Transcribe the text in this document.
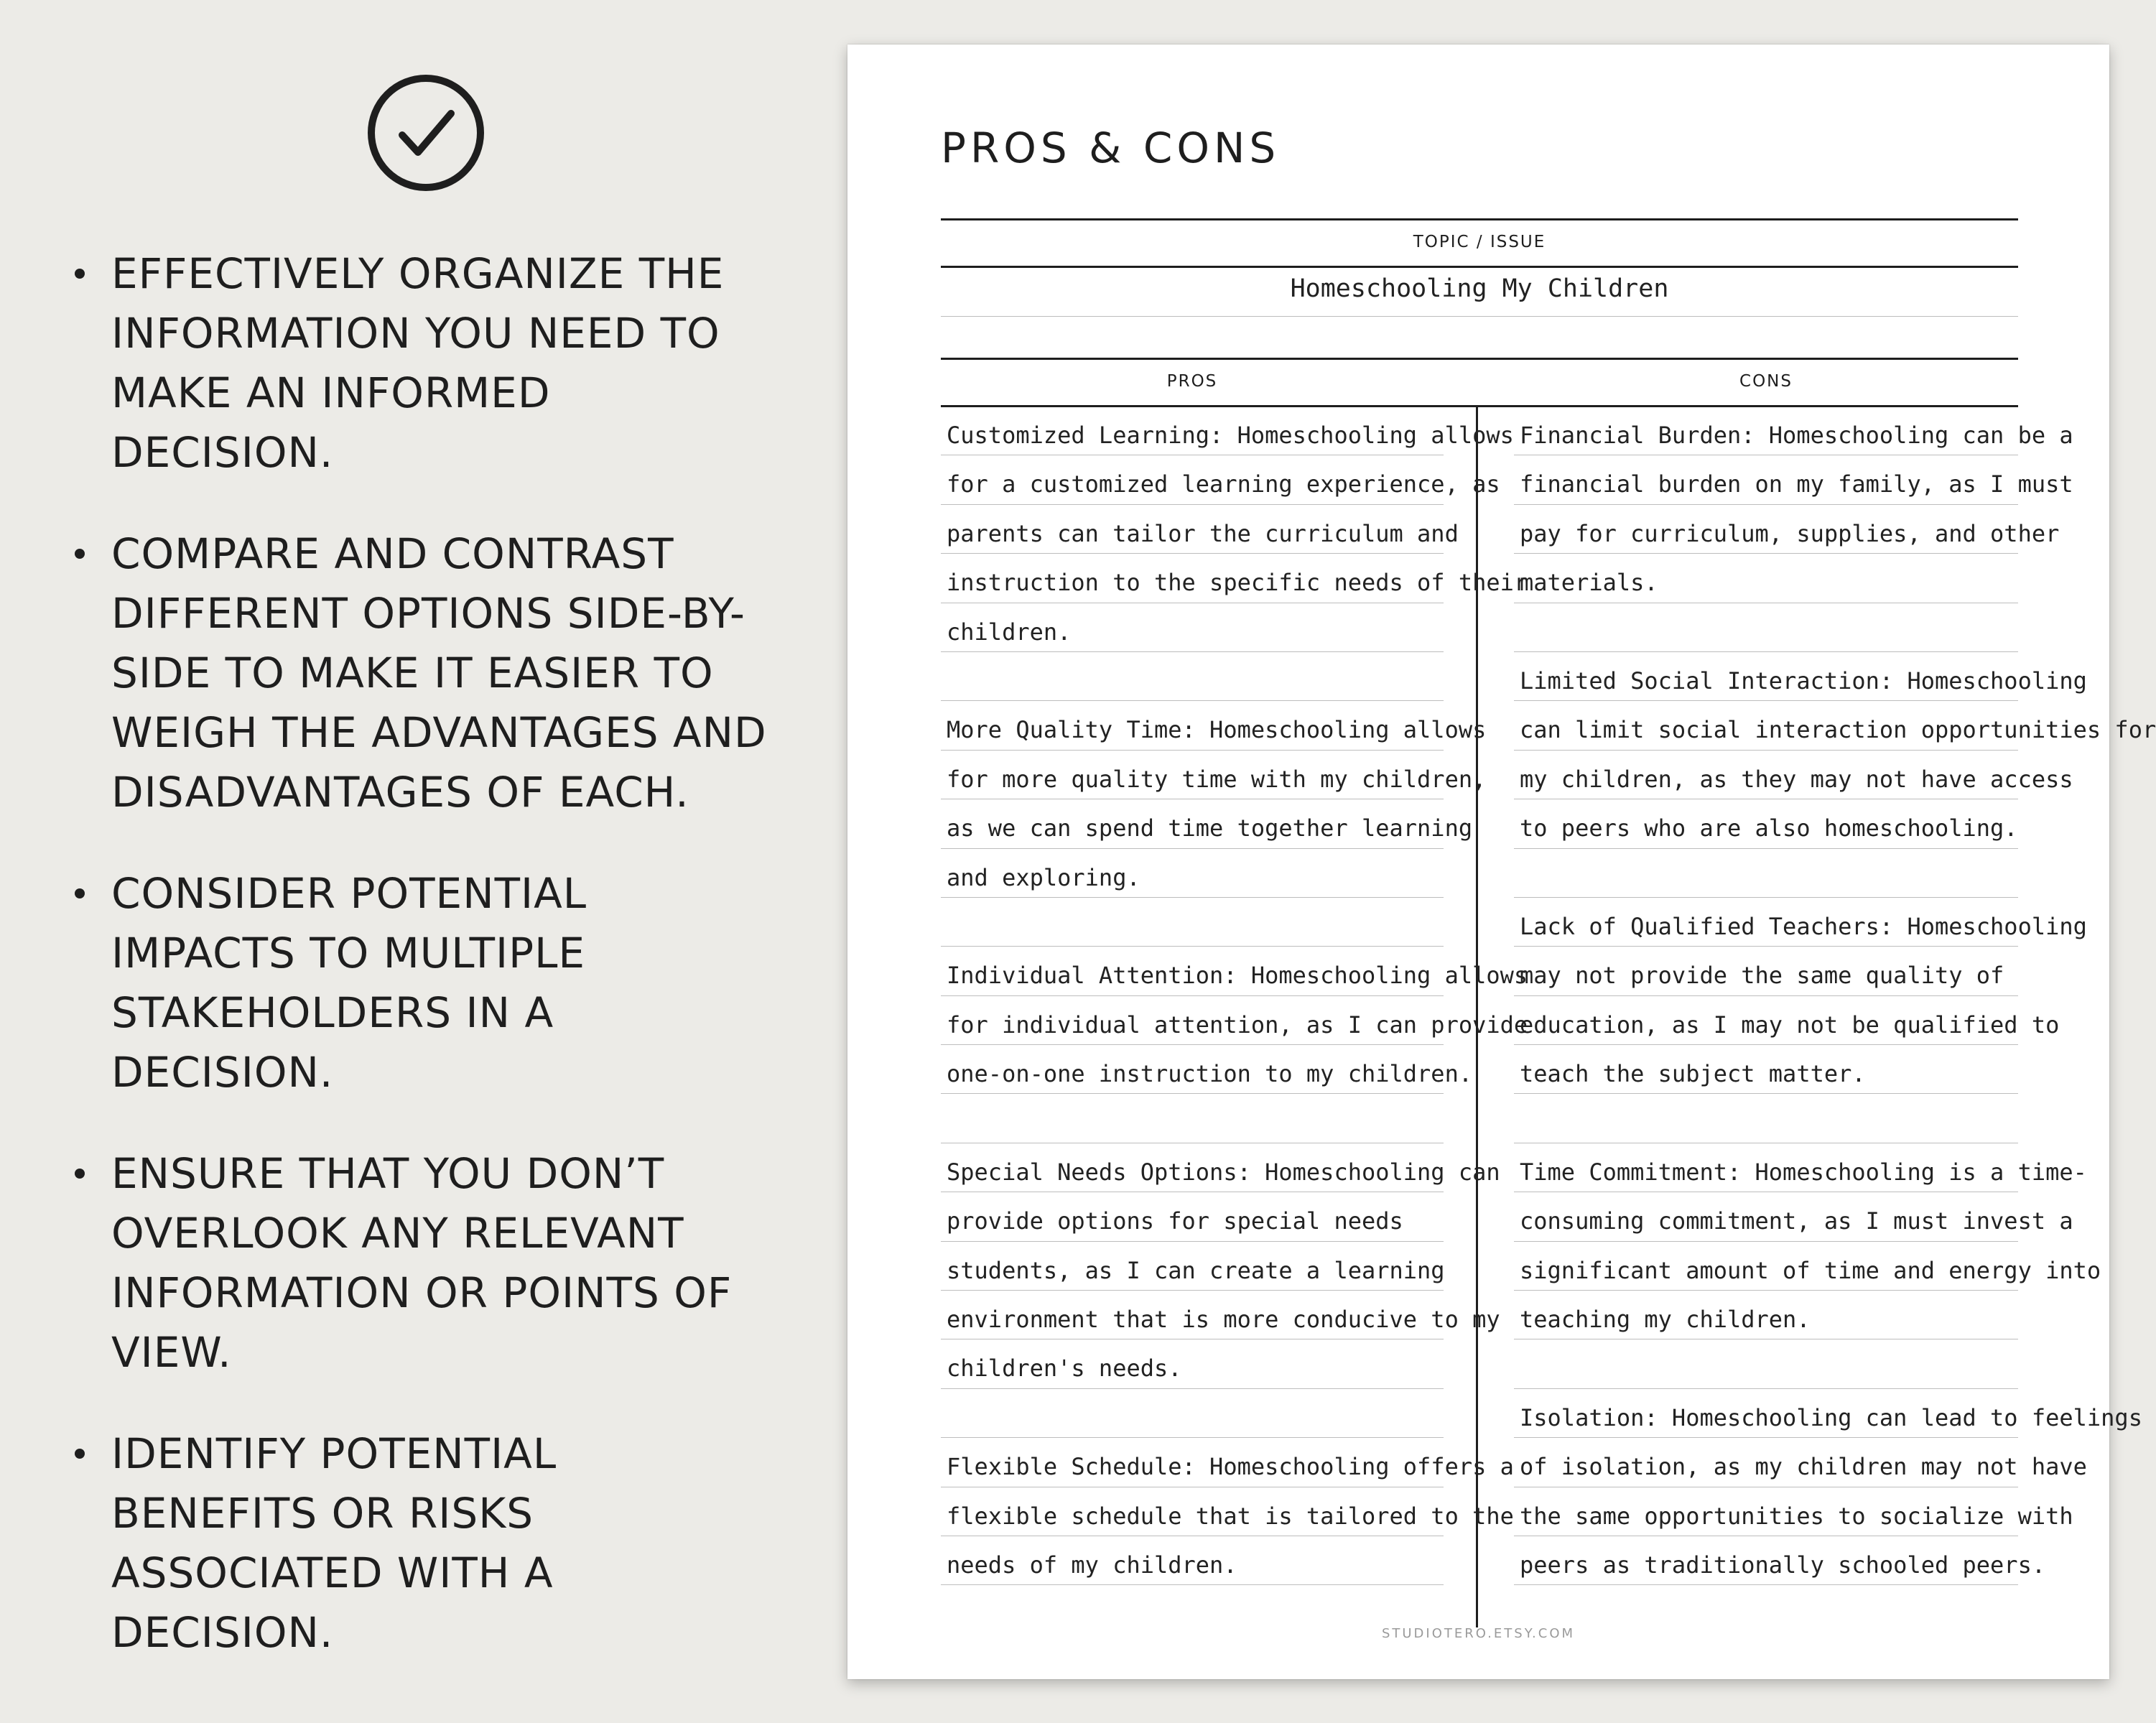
EFFECTIVELY ORGANIZE THE
INFORMATION YOU NEED TO
MAKE AN INFORMED
DECISION.
COMPARE AND CONTRAST
DIFFERENT OPTIONS SIDE-BY-
SIDE TO MAKE IT EASIER TO
WEIGH THE ADVANTAGES AND
DISADVANTAGES OF EACH.
CONSIDER POTENTIAL
IMPACTS TO MULTIPLE
STAKEHOLDERS IN A
DECISION.
ENSURE THAT YOU DON’T
OVERLOOK ANY RELEVANT
INFORMATION OR POINTS OF
VIEW.
IDENTIFY POTENTIAL
BENEFITS OR RISKS
ASSOCIATED WITH A
DECISION.
PROS & CONS
TOPIC / ISSUE
Homeschooling My Children
PROS	CONS
Customized Learning: Homeschooling allows
for a customized learning experience, as
parents can tailor the curriculum and
instruction to the specific needs of their
children.
More Quality Time: Homeschooling allows
for more quality time with my children,
as we can spend time together learning
and exploring.
Individual Attention: Homeschooling allows
for individual attention, as I can provide
one-on-one instruction to my children.
Special Needs Options: Homeschooling can
provide options for special needs
students, as I can create a learning
environment that is more conducive to my
children's needs.
Flexible Schedule: Homeschooling offers a
flexible schedule that is tailored to the
needs of my children.
Financial Burden: Homeschooling can be a
financial burden on my family, as I must
pay for curriculum, supplies, and other
materials.
Limited Social Interaction: Homeschooling
can limit social interaction opportunities for
my children, as they may not have access
to peers who are also homeschooling.
Lack of Qualified Teachers: Homeschooling
may not provide the same quality of
education, as I may not be qualified to
teach the subject matter.
Time Commitment: Homeschooling is a time-
consuming commitment, as I must invest a
significant amount of time and energy into
teaching my children.
Isolation: Homeschooling can lead to feelings
of isolation, as my children may not have
the same opportunities to socialize with
peers as traditionally schooled peers.
STUDIOTERO.ETSY.COM
